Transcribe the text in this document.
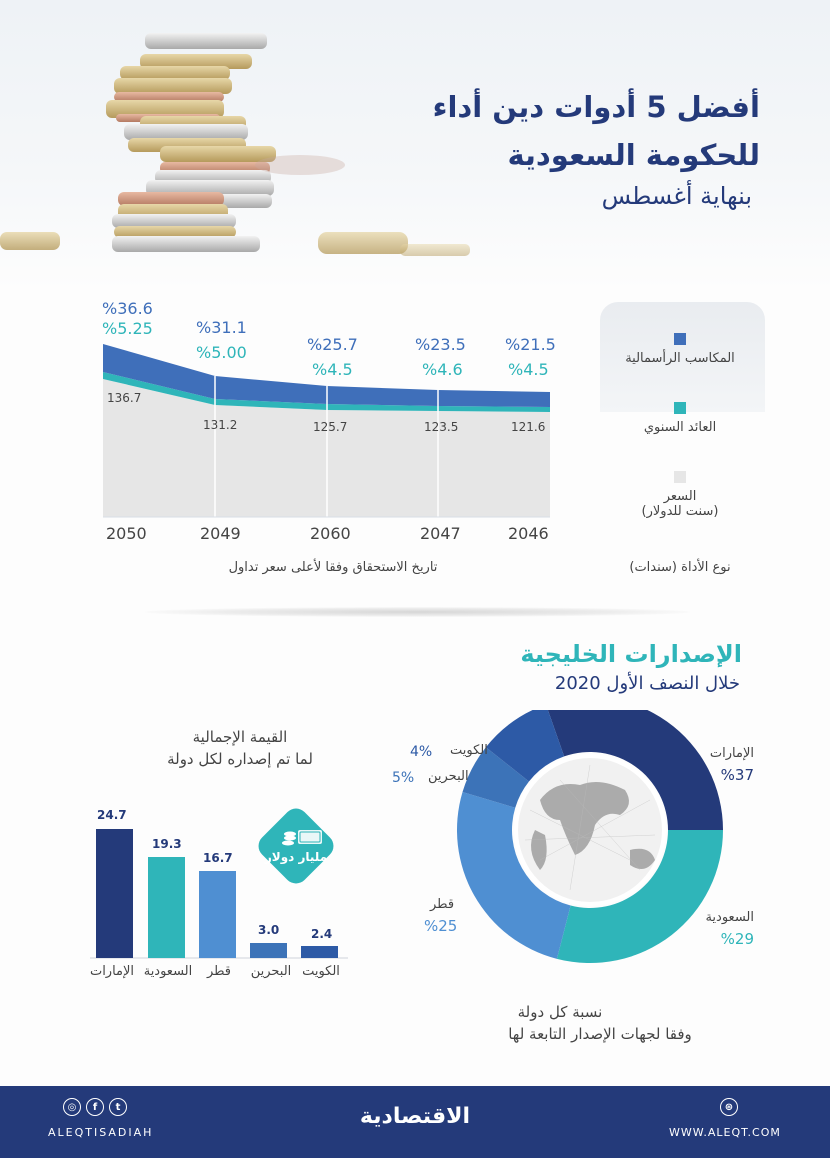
أفضل 5 أدوات دين أداء
للحكومة السعودية
بنهاية أغسطس
%36.6
%5.25
136.7
%31.1
%5.00
131.2
%25.7
%4.5
125.7
%23.5
%4.6
123.5
%21.5
%4.5
121.6
2050	2049	2060	2047	2046
تاريخ الاستحقاق وفقا لأعلى سعر تداول
المكاسب الرأسمالية
العائد السنوي
السعر
(سنت للدولار)
نوع الأداة (سندات)
الإصدارات الخليجية
خلال النصف الأول 2020
الإمارات
%37
السعودية
%29
قطر
%25
البحرين
5%
الكويت
4%
نسبة كل دولة
وفقا لجهات الإصدار التابعة لها
القيمة الإجمالية
لما تم إصداره لكل دولة
24.7
19.3
16.7
3.0	2.4
الإمارات السعودية	قطر	البحرين الكويت
مليار دولار
◎	f	t
ALEQTISADIAH
الاقتصادية	⊛
WWW.ALEQT.COM
